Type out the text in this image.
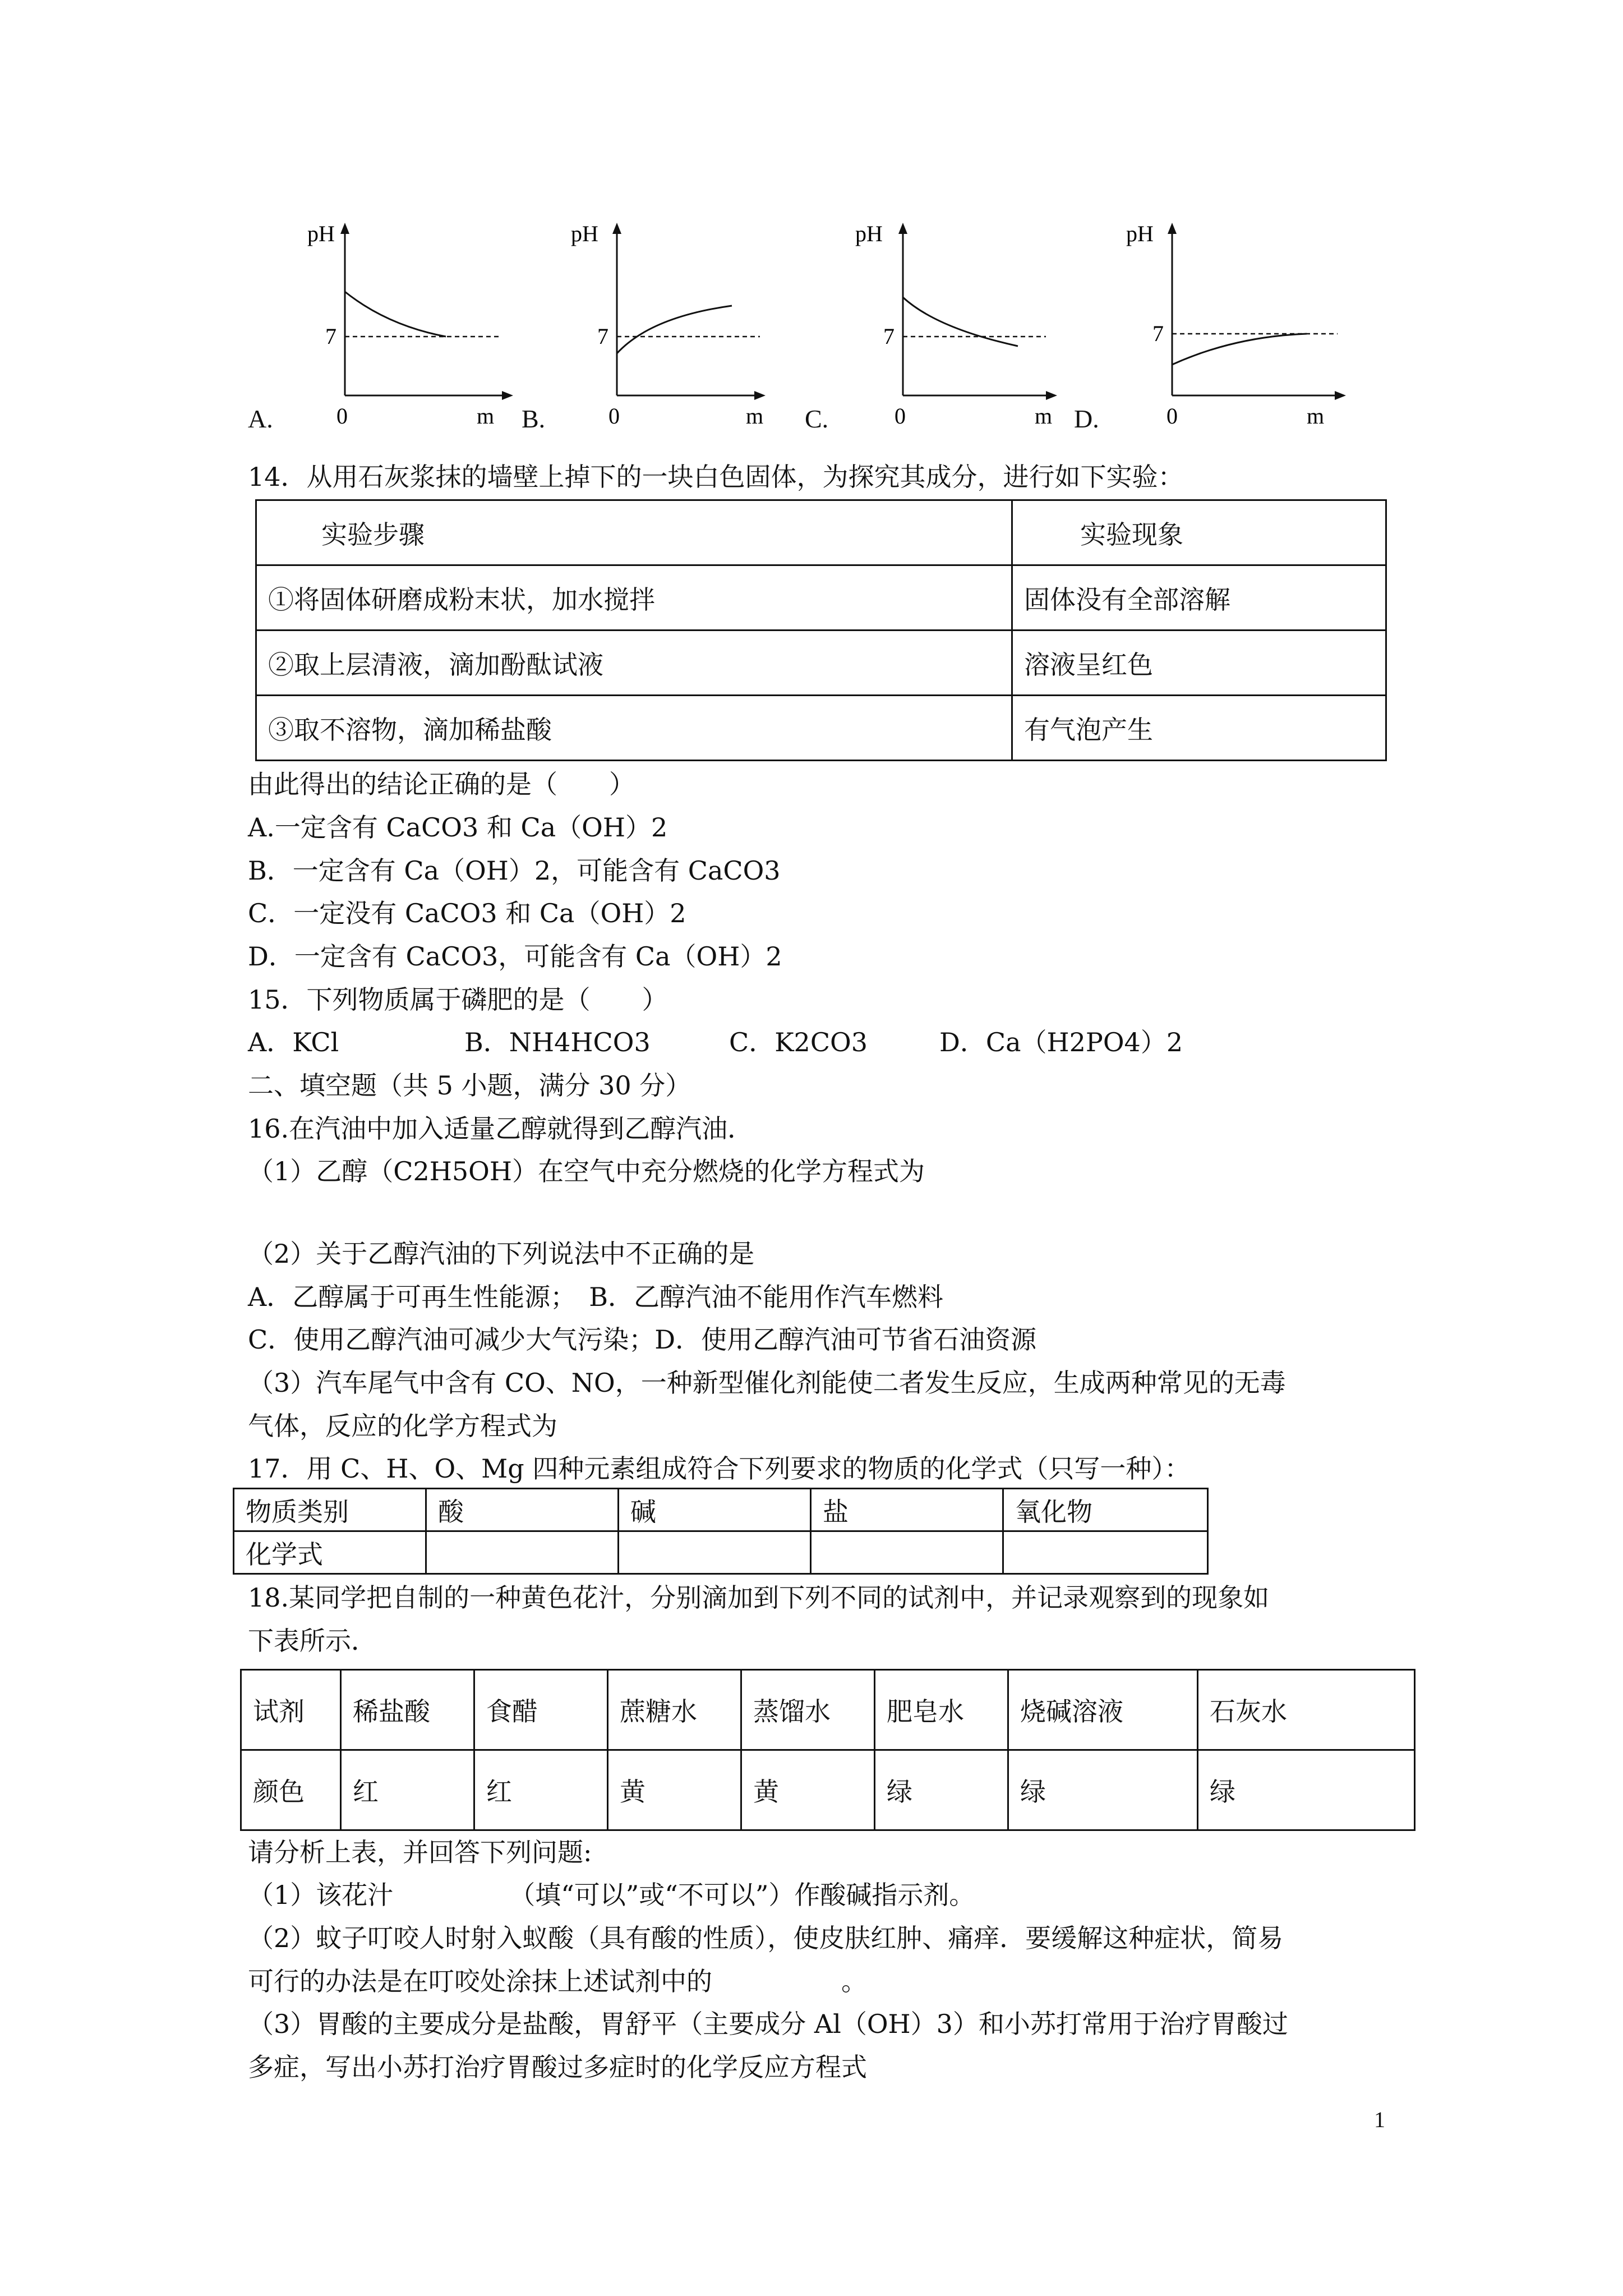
pH
7
0	m
A.
pH
7
0	m
B.
pH
7
0	m
C.
pH
7
0	m
D.
14．从用石灰浆抹的墙壁上掉下的一块白色固体，为探究其成分，进行如下实验：
实验步骤	实验现象
①将固体研磨成粉末状，加水搅拌	固体没有全部溶解
②取上层清液，滴加酚酞试液	溶液呈红色
③取不溶物，滴加稀盐酸	有气泡产生
由此得出的结论正确的是（　　）
A.一定含有 CaCO3 和 Ca（OH）2
B．一定含有 Ca（OH）2，可能含有 CaCO3
C．一定没有 CaCO3 和 Ca（OH）2
D．一定含有 CaCO3，可能含有 Ca（OH）2
15．下列物质属于磷肥的是（　　）
A．KCl	B．NH4HCO3	C．K2CO3	D．Ca（H2PO4）2
二、填空题（共 5 小题，满分 30 分）
16.在汽油中加入适量乙醇就得到乙醇汽油．
（1）乙醇（C2H5OH）在空气中充分燃烧的化学方程式为
（2）关于乙醇汽油的下列说法中不正确的是
A．乙醇属于可再生性能源；　B．乙醇汽油不能用作汽车燃料
C．使用乙醇汽油可减少大气污染；D．使用乙醇汽油可节省石油资源
（3）汽车尾气中含有 CO、NO，一种新型催化剂能使二者发生反应，生成两种常见的无毒
气体，反应的化学方程式为
17．用 C、H、O、Mg 四种元素组成符合下列要求的物质的化学式（只写一种）：
物质类别	酸	碱	盐	氧化物
化学式				
18.某同学把自制的一种黄色花汁，分别滴加到下列不同的试剂中，并记录观察到的现象如
下表所示．
试剂	稀盐酸	食醋	蔗糖水	蒸馏水	肥皂水	烧碱溶液	石灰水
颜色	红	红	黄	黄	绿	绿	绿
请分析上表，并回答下列问题:
（1）该花汁　　　　　（填“可以”或“不可以”）作酸碱指示剂。
（2）蚊子叮咬人时射入蚁酸（具有酸的性质），使皮肤红肿、痛痒．要缓解这种症状，简易
可行的办法是在叮咬处涂抹上述试剂中的　　　　　。
（3）胃酸的主要成分是盐酸，胃舒平（主要成分 Al（OH）3）和小苏打常用于治疗胃酸过
多症，写出小苏打治疗胃酸过多症时的化学反应方程式
1
